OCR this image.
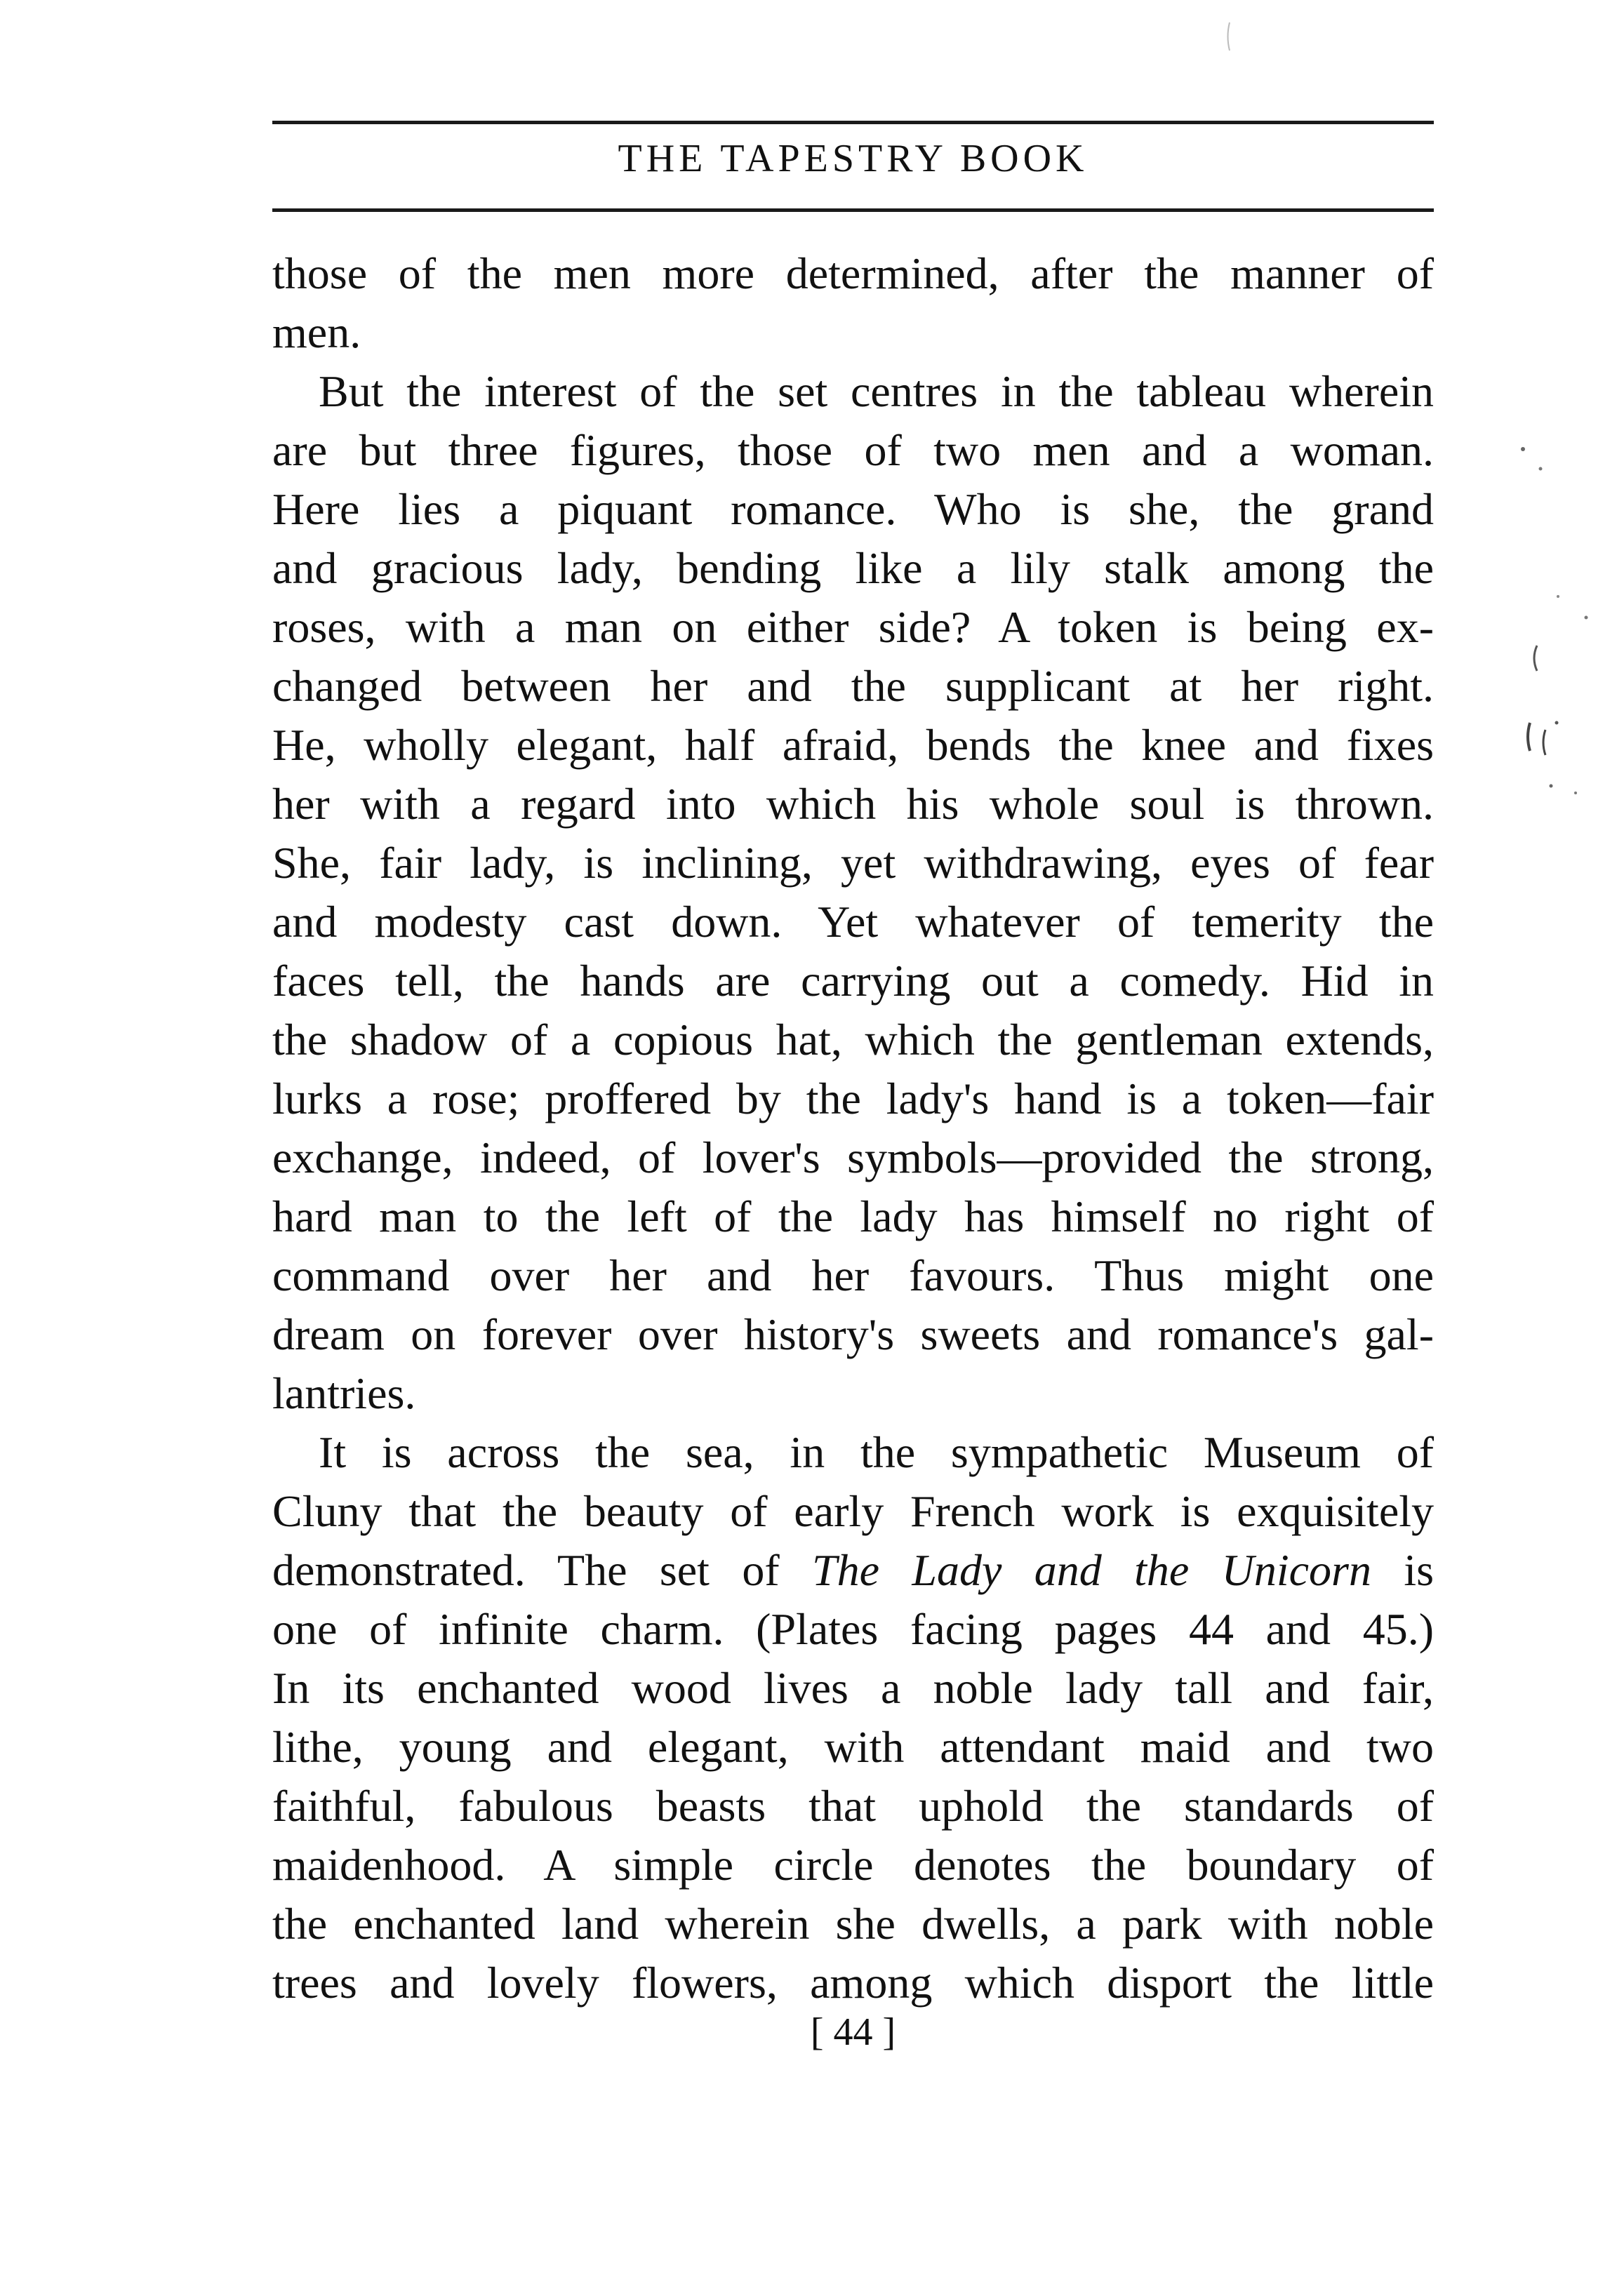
THE TAPESTRY BOOK
those of the men more determined, after the manner of
men.
But the interest of the set centres in the tableau wherein
are but three figures, those of two men and a woman.
Here lies a piquant romance. Who is she, the grand
and gracious lady, bending like a lily stalk among the
roses, with a man on either side? A token is being ex-
changed between her and the supplicant at her right.
He, wholly elegant, half afraid, bends the knee and fixes
her with a regard into which his whole soul is thrown.
She, fair lady, is inclining, yet withdrawing, eyes of fear
and modesty cast down. Yet whatever of temerity the
faces tell, the hands are carrying out a comedy. Hid in
the shadow of a copious hat, which the gentleman extends,
lurks a rose; proffered by the lady's hand is a token—fair
exchange, indeed, of lover's symbols—provided the strong,
hard man to the left of the lady has himself no right of
command over her and her favours. Thus might one
dream on forever over history's sweets and romance's gal-
lantries.
It is across the sea, in the sympathetic Museum of
Cluny that the beauty of early French work is exquisitely
demonstrated. The set of The Lady and the Unicorn is
one of infinite charm. (Plates facing pages 44 and 45.)
In its enchanted wood lives a noble lady tall and fair,
lithe, young and elegant, with attendant maid and two
faithful, fabulous beasts that uphold the standards of
maidenhood. A simple circle denotes the boundary of
the enchanted land wherein she dwells, a park with noble
trees and lovely flowers, among which disport the little
[ 44 ]
